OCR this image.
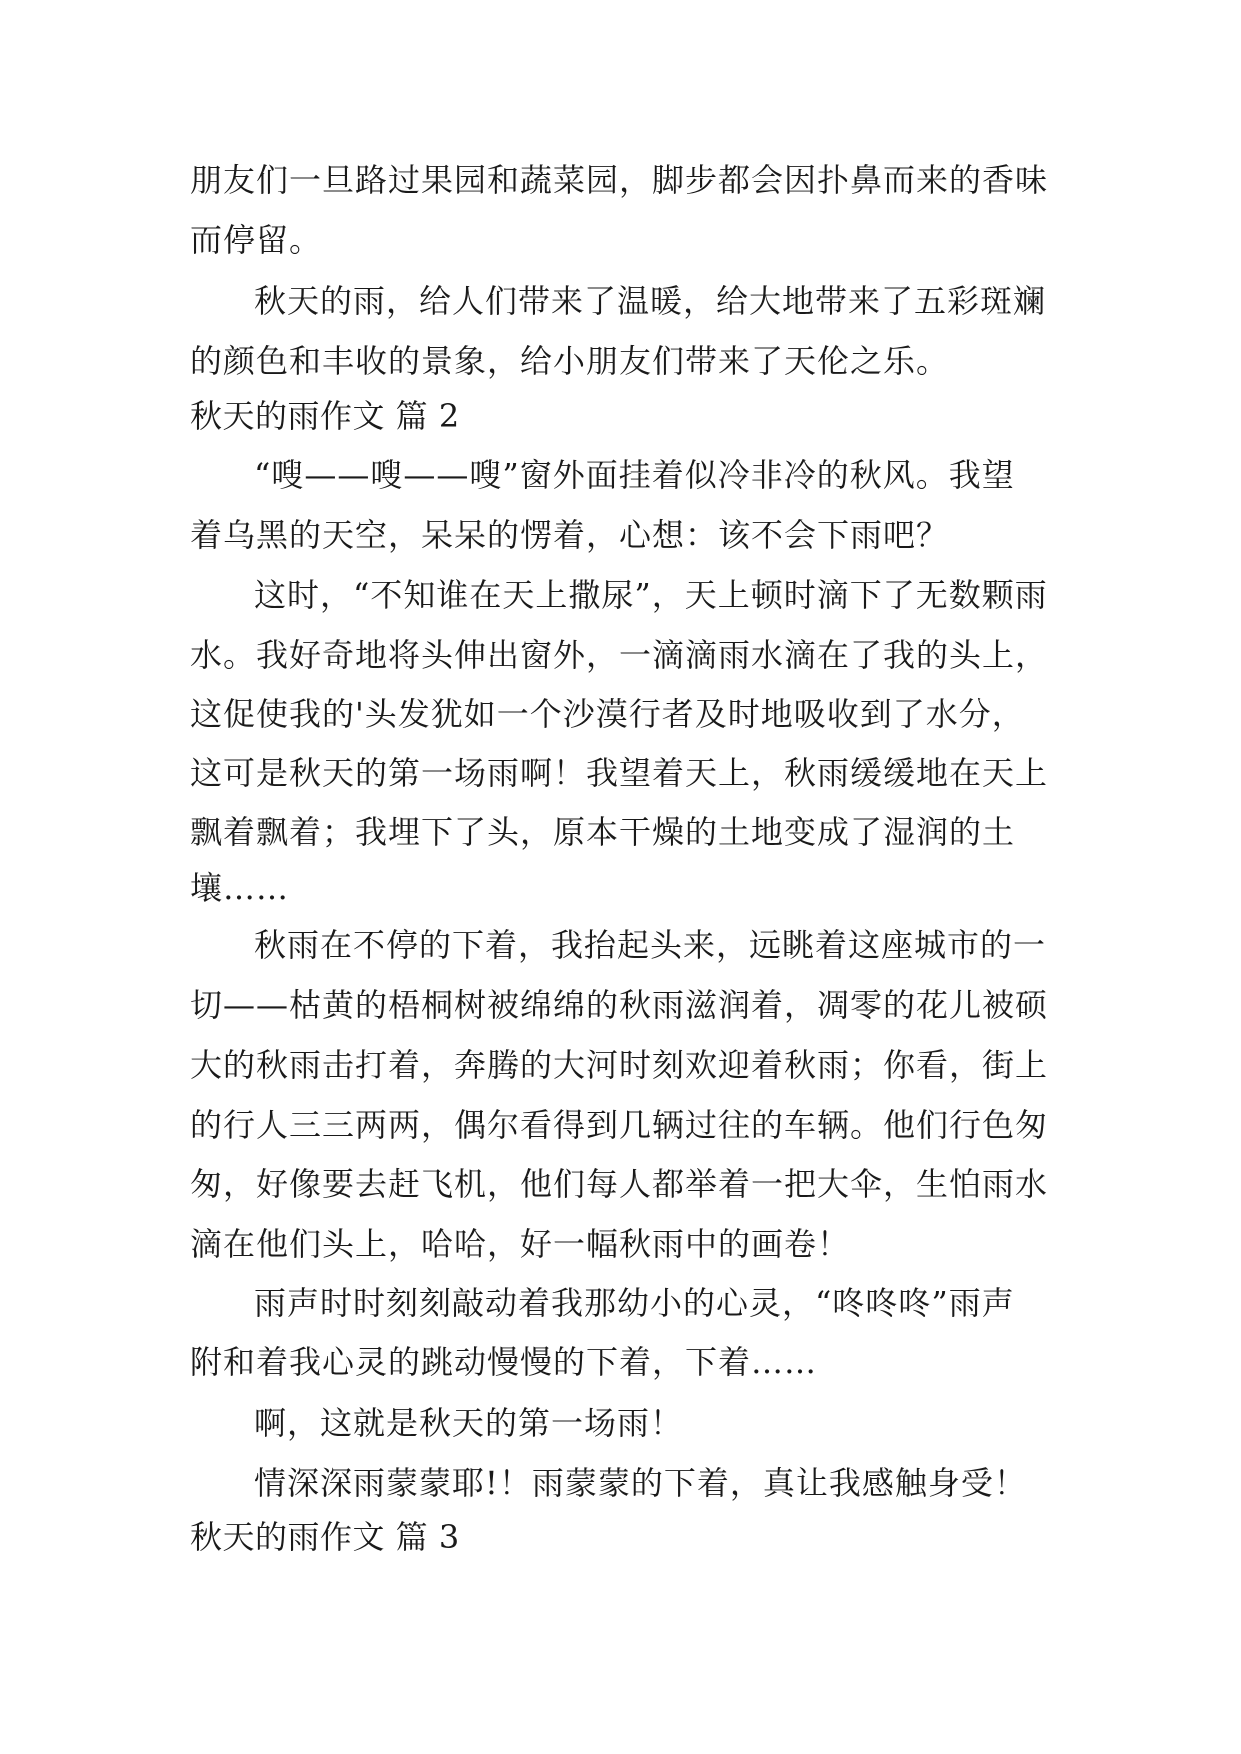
朋友们一旦路过果园和蔬菜园，脚步都会因扑鼻而来的香味
而停留。
秋天的雨，给人们带来了温暖，给大地带来了五彩斑斓
的颜色和丰收的景象，给小朋友们带来了天伦之乐。
秋天的雨作文 篇 2
“嗖——嗖——嗖”窗外面挂着似冷非冷的秋风。我望
着乌黑的天空，呆呆的愣着，心想：该不会下雨吧？
这时，“不知谁在天上撒尿”，天上顿时滴下了无数颗雨
水。我好奇地将头伸出窗外，一滴滴雨水滴在了我的头上，
这促使我的'头发犹如一个沙漠行者及时地吸收到了水分，
这可是秋天的第一场雨啊！我望着天上，秋雨缓缓地在天上
飘着飘着；我埋下了头，原本干燥的土地变成了湿润的土
壤……
秋雨在不停的下着，我抬起头来，远眺着这座城市的一
切——枯黄的梧桐树被绵绵的秋雨滋润着，凋零的花儿被硕
大的秋雨击打着，奔腾的大河时刻欢迎着秋雨；你看，街上
的行人三三两两，偶尔看得到几辆过往的车辆。他们行色匆
匆，好像要去赶飞机，他们每人都举着一把大伞，生怕雨水
滴在他们头上，哈哈，好一幅秋雨中的画卷！
雨声时时刻刻敲动着我那幼小的心灵，“咚咚咚”雨声
附和着我心灵的跳动慢慢的下着，下着……
啊，这就是秋天的第一场雨！
情深深雨蒙蒙耶!！雨蒙蒙的下着，真让我感触身受！
秋天的雨作文 篇 3
